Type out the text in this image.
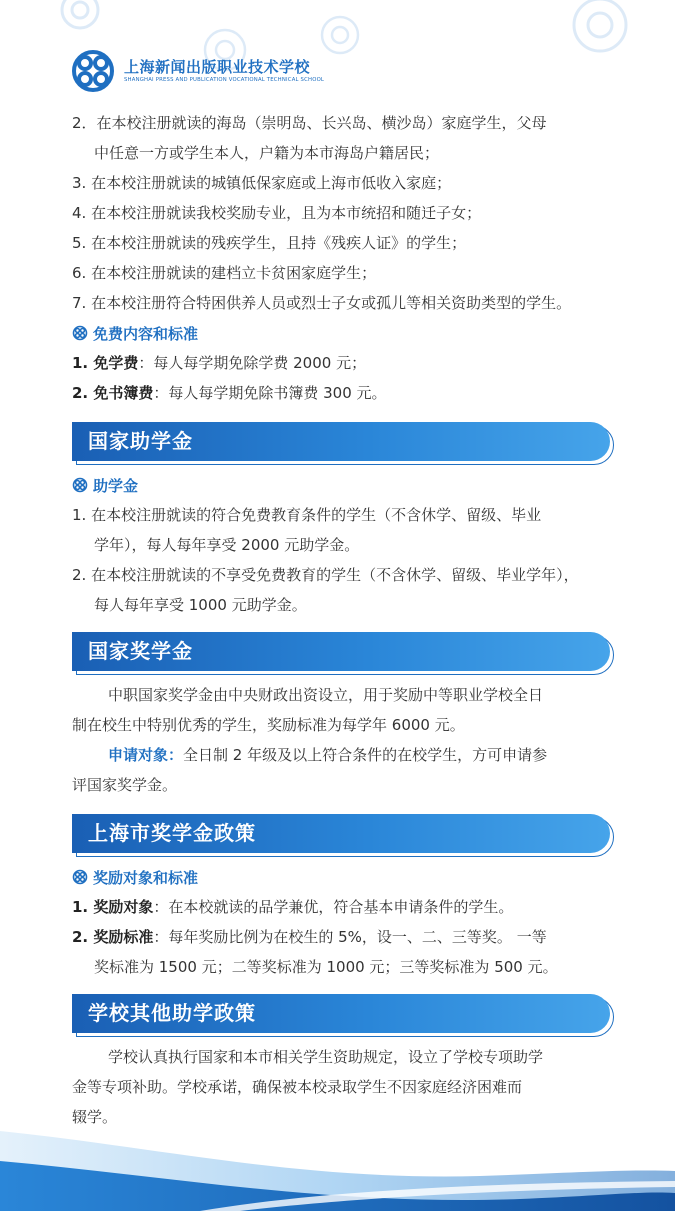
上海新闻出版职业技术学校
SHANGHAI PRESS AND PUBLICATION VOCATIONAL TECHNICAL SCHOOL
2．在本校注册就读的海岛（崇明岛、长兴岛、横沙岛）家庭学生，父母
中任意一方或学生本人，户籍为本市海岛户籍居民；
3. 在本校注册就读的城镇低保家庭或上海市低收入家庭；
4. 在本校注册就读我校奖励专业，且为本市统招和随迁子女；
5. 在本校注册就读的残疾学生，且持《残疾人证》的学生；
6. 在本校注册就读的建档立卡贫困家庭学生；
7. 在本校注册符合特困供养人员或烈士子女或孤儿等相关资助类型的学生。
免费内容和标准
1. 免学费：每人每学期免除学费 2000 元；
2. 免书簿费：每人每学期免除书簿费 300 元。
国家助学金
助学金
1. 在本校注册就读的符合免费教育条件的学生（不含休学、留级、毕业
学年），每人每年享受 2000 元助学金。
2. 在本校注册就读的不享受免费教育的学生（不含休学、留级、毕业学年），
每人每年享受 1000 元助学金。
国家奖学金
中职国家奖学金由中央财政出资设立，用于奖励中等职业学校全日
制在校生中特别优秀的学生，奖励标准为每学年 6000 元。
申请对象：全日制 2 年级及以上符合条件的在校学生，方可申请参
评国家奖学金。
上海市奖学金政策
奖励对象和标准
1. 奖励对象：在本校就读的品学兼优，符合基本申请条件的学生。
2. 奖励标准：每年奖励比例为在校生的 5%，设一、二、三等奖。 一等
奖标准为 1500 元；二等奖标准为 1000 元；三等奖标准为 500 元。
学校其他助学政策
学校认真执行国家和本市相关学生资助规定，设立了学校专项助学
金等专项补助。学校承诺，确保被本校录取学生不因家庭经济困难而
辍学。
